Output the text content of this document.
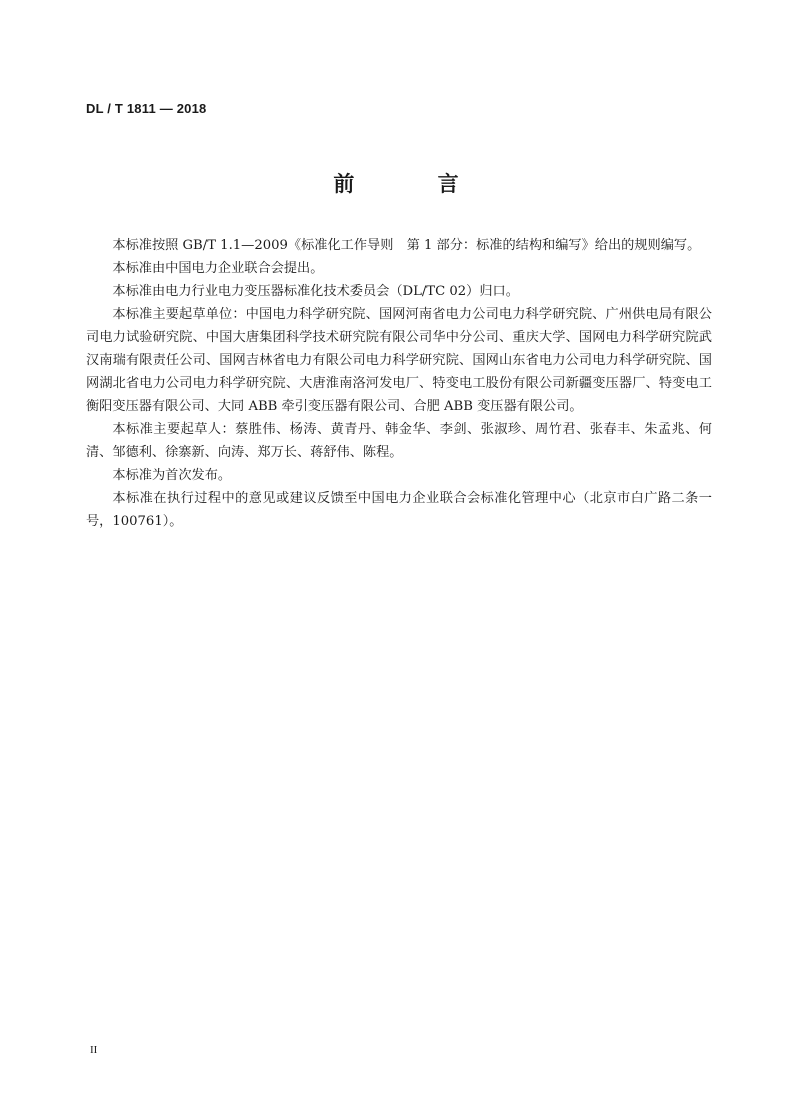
DL / T 1811 — 2018
前 言

本标准按照 GB/T 1.1—2009《标准化工作导则　第 1 部分：标准的结构和编写》给出的规则编写。

本标准由中国电力企业联合会提出。

本标准由电力行业电力变压器标准化技术委员会（DL/TC 02）归口。

本标准主要起草单位：中国电力科学研究院、国网河南省电力公司电力科学研究院、广州供电局有限公司电力试验研究院、中国大唐集团科学技术研究院有限公司华中分公司、重庆大学、国网电力科学研究院武汉南瑞有限责任公司、国网吉林省电力有限公司电力科学研究院、国网山东省电力公司电力科学研究院、国网湖北省电力公司电力科学研究院、大唐淮南洛河发电厂、特变电工股份有限公司新疆变压器厂、特变电工衡阳变压器有限公司、大同 ABB 牵引变压器有限公司、合肥 ABB 变压器有限公司。

本标准主要起草人：蔡胜伟、杨涛、黄青丹、韩金华、李剑、张淑珍、周竹君、张春丰、朱孟兆、何清、邹德利、徐寨新、向涛、郑万长、蒋舒伟、陈程。

本标准为首次发布。

本标准在执行过程中的意见或建议反馈至中国电力企业联合会标准化管理中心（北京市白广路二条一号，100761）。

II
